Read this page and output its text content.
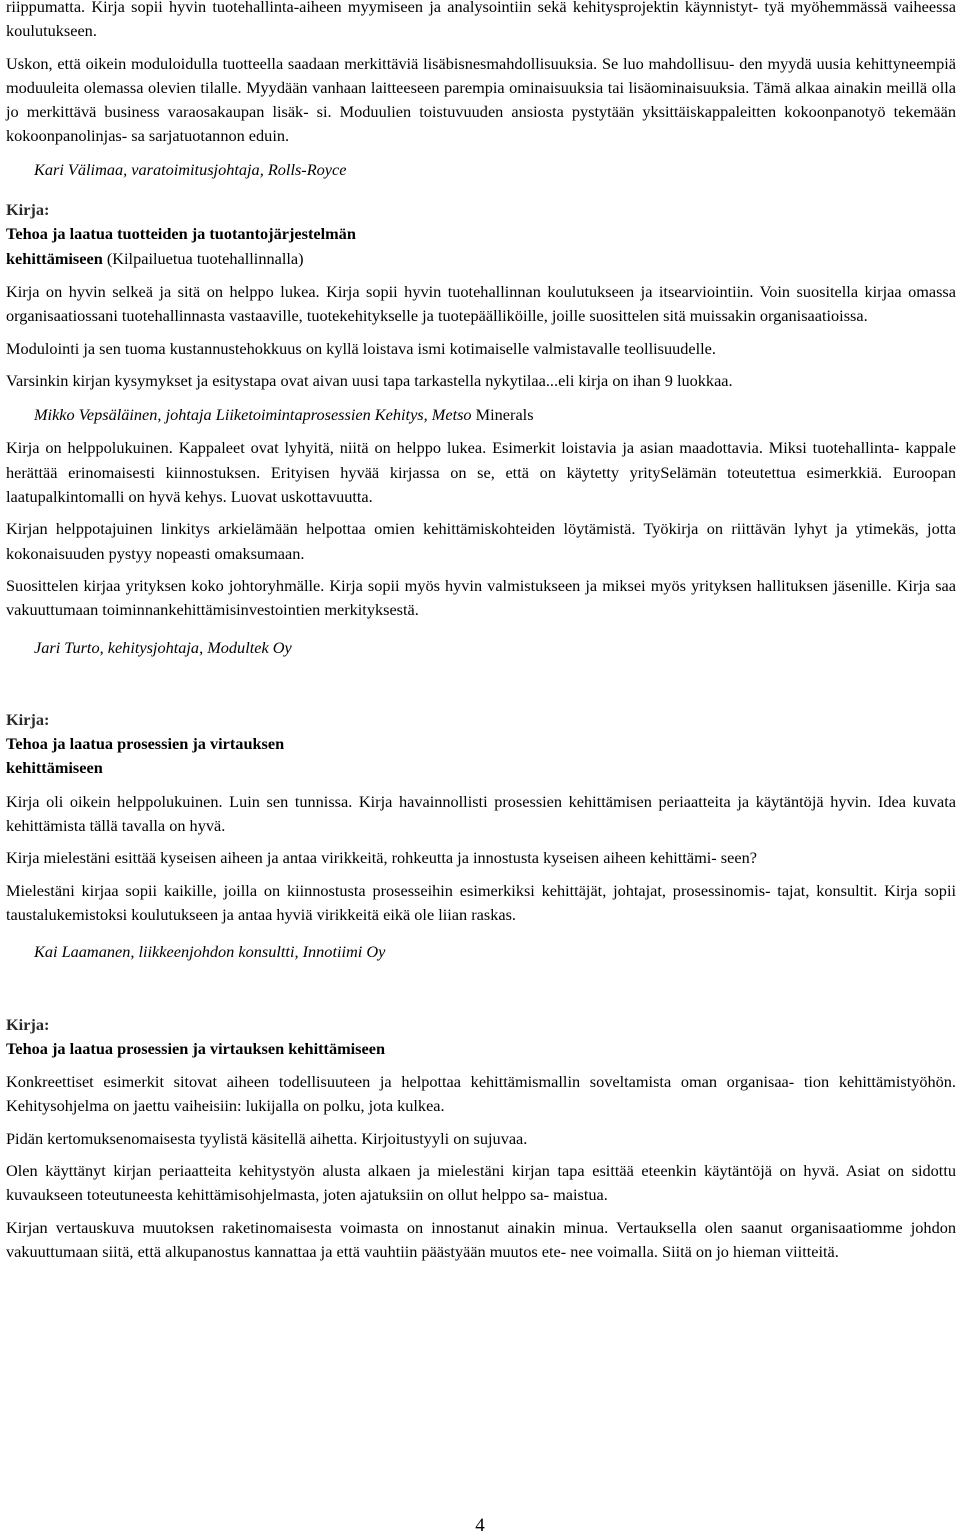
riippumatta. Kirja sopii hyvin tuotehallinta-aiheen myymiseen ja analysointiin sekä kehitysprojektin käynnistyt- tyä myöhemmässä vaiheessa koulutukseen.

Uskon, että oikein moduloidulla tuotteella saadaan merkittäviä lisäbisnesmahdollisuuksia. Se luo mahdollisuu- den myydä uusia kehittyneempiä moduuleita olemassa olevien tilalle. Myydään vanhaan laitteeseen parempia ominaisuuksia tai lisäominaisuuksia. Tämä alkaa ainakin meillä olla jo merkittävä business varaosakaupan lisäk- si. Moduulien toistuvuuden ansiosta pystytään yksittäiskappaleitten kokoonpanotyö tekemään kokoonpanolinjas- sa sarjatuotannon eduin.

Kari Välimaa, varatoimitusjohtaja, Rolls-Royce

Kirja:

Tehoa ja laatua tuotteiden ja tuotantojärjestelmän
kehittämiseen (Kilpailuetua tuotehallinnalla)

Kirja on hyvin selkeä ja sitä on helppo lukea. Kirja sopii hyvin tuotehallinnan koulutukseen ja itsearviointiin. Voin suositella kirjaa omassa organisaatiossani tuotehallinnasta vastaaville, tuotekehitykselle ja tuotepäälliköille, joille suosittelen sitä muissakin organisaatioissa.

Modulointi ja sen tuoma kustannustehokkuus on kyllä loistava ismi kotimaiselle valmistavalle teollisuudelle.

Varsinkin kirjan kysymykset ja esitystapa ovat aivan uusi tapa tarkastella nykytilaa...eli kirja on ihan 9 luokkaa.

Mikko Vepsäläinen, johtaja Liiketoimintaprosessien Kehitys, Metso Minerals

Kirja on helppolukuinen. Kappaleet ovat lyhyitä, niitä on helppo lukea. Esimerkit loistavia ja asian maadottavia. Miksi tuotehallinta- kappale herättää erinomaisesti kiinnostuksen. Erityisen hyvää kirjassa on se, että on käytetty yritySelämän toteutettua esimerkkiä. Euroopan laatupalkintomalli on hyvä kehys. Luovat uskottavuutta.

Kirjan helppotajuinen linkitys arkielämään helpottaa omien kehittämiskohteiden löytämistä. Työkirja on riittävän lyhyt ja ytimekäs, jotta kokonaisuuden pystyy nopeasti omaksumaan.

Suosittelen kirjaa yrityksen koko johtoryhmälle. Kirja sopii myös hyvin valmistukseen ja miksei myös yrityksen hallituksen jäsenille. Kirja saa vakuuttumaan toiminnankehittämisinvestointien merkityksestä.

Jari Turto, kehitysjohtaja, Modultek Oy

Kirja:

Tehoa ja laatua prosessien ja virtauksen

kehittämiseen

Kirja oli oikein helppolukuinen. Luin sen tunnissa. Kirja havainnollisti prosessien kehittämisen periaatteita ja käytäntöjä hyvin. Idea kuvata kehittämista tällä tavalla on hyvä.

Kirja mielestäni esittää kyseisen aiheen ja antaa virikkeitä, rohkeutta ja innostusta kyseisen aiheen kehittämi- seen?

Mielestäni kirjaa sopii kaikille, joilla on kiinnostusta prosesseihin esimerkiksi kehittäjät, johtajat, prosessinomis- tajat, konsultit. Kirja sopii taustalukemistoksi koulutukseen ja antaa hyviä virikkeitä eikä ole liian raskas.

Kai Laamanen, liikkeenjohdon konsultti, Innotiimi Oy

Kirja:

Tehoa ja laatua prosessien ja virtauksen kehittämiseen

Konkreettiset esimerkit sitovat aiheen todellisuuteen ja helpottaa kehittämismallin soveltamista oman organisaa- tion kehittämistyöhön. Kehitysohjelma on jaettu vaiheisiin: lukijalla on polku, jota kulkea.

Pidän kertomuksenomaisesta tyylistä käsitellä aihetta. Kirjoitustyyli on sujuvaa.

Olen käyttänyt kirjan periaatteita kehitystyön alusta alkaen ja mielestäni kirjan tapa esittää eteenkin käytäntöjä on hyvä. Asiat on sidottu kuvaukseen toteutuneesta kehittämisohjelmasta, joten ajatuksiin on ollut helppo sa- maistua.

Kirjan vertauskuva muutoksen raketinomaisesta voimasta on innostanut ainakin minua. Vertauksella olen saanut organisaatiomme johdon vakuuttumaan siitä, että alkupanostus kannattaa ja että vauhtiin päästyään muutos ete- nee voimalla. Siitä on jo hieman viitteitä.

4
